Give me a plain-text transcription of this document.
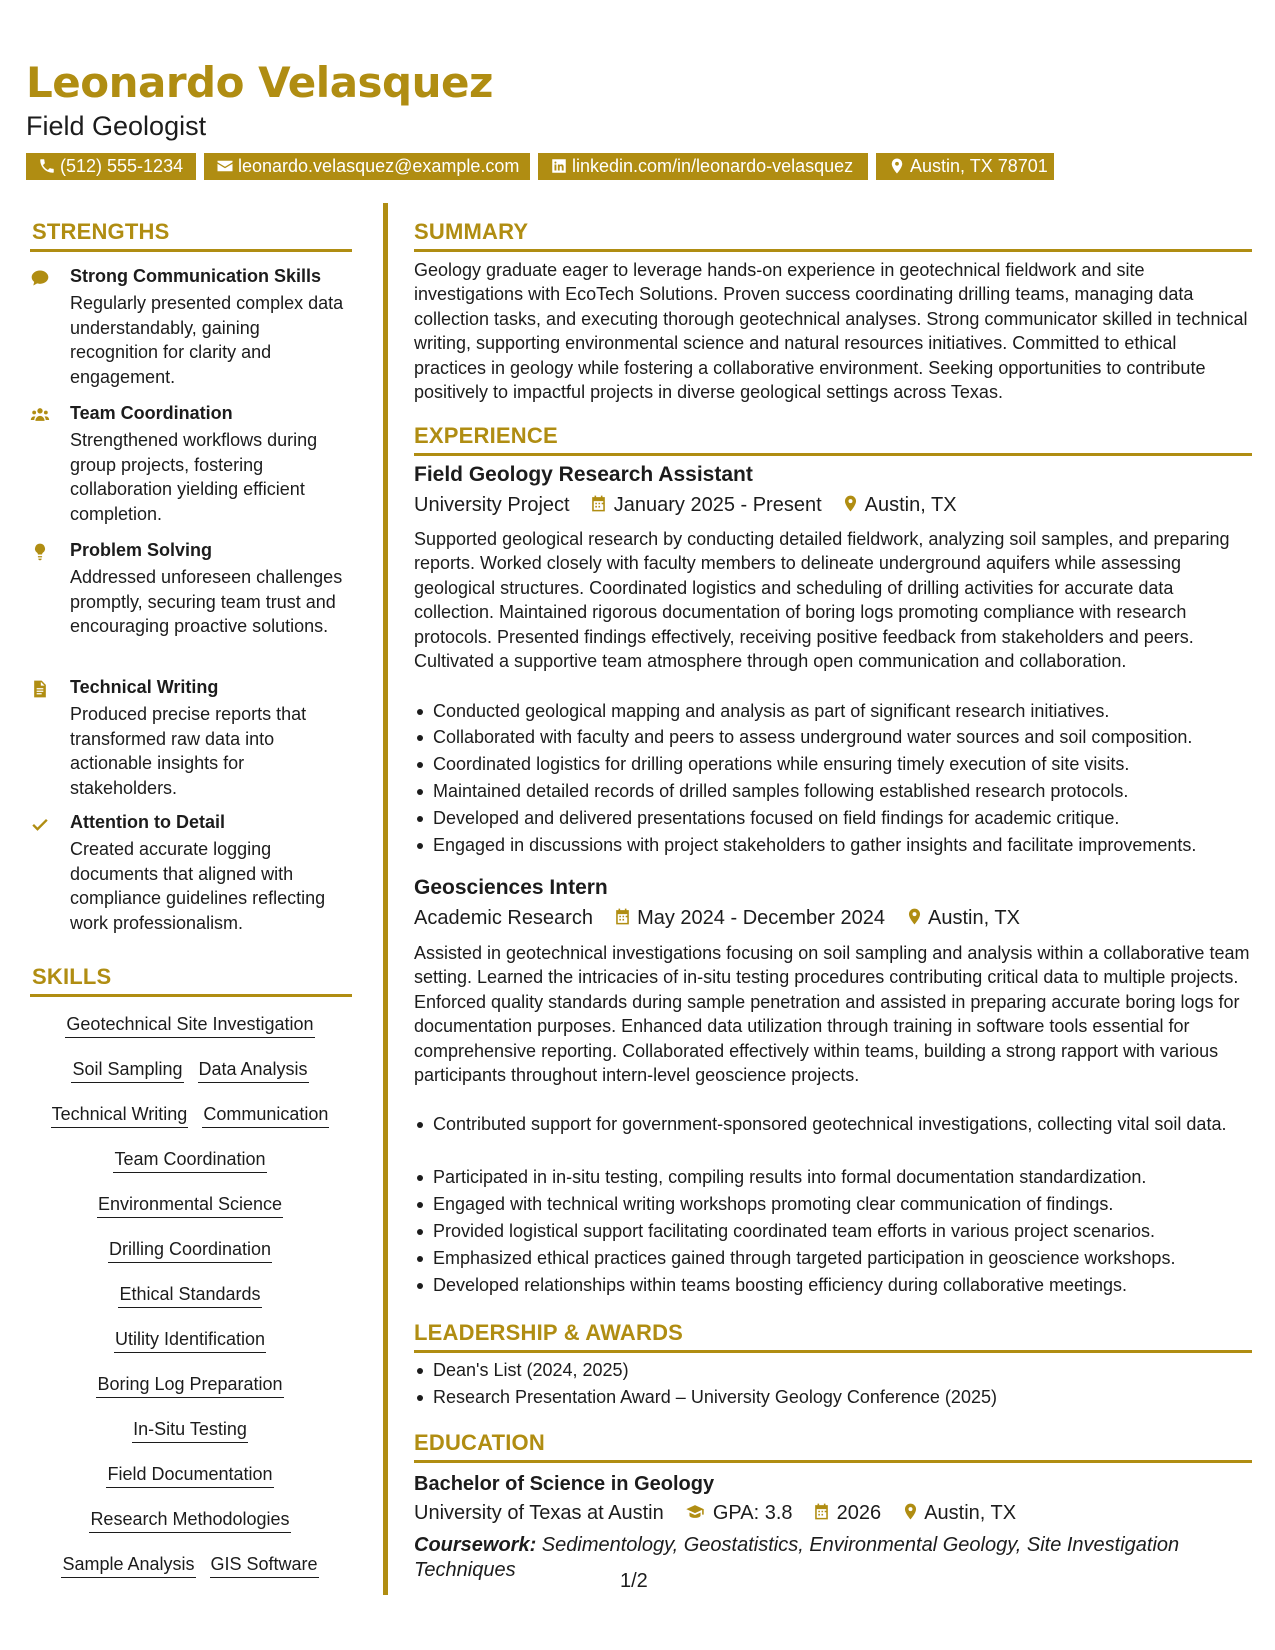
Leonardo Velasquez
Field Geologist
(512) 555-1234	leonardo.velasquez@example.com	linkedin.com/in/leonardo-velasquez	Austin, TX 78701
STRENGTHS
Strong Communication Skills
Regularly presented complex data understandably, gaining recognition for clarity and engagement.
Team Coordination
Strengthened workflows during group projects, fostering collaboration yielding efficient completion.
Problem Solving
Addressed unforeseen challenges promptly, securing team trust and encouraging proactive solutions.
Technical Writing
Produced precise reports that transformed raw data into actionable insights for stakeholders.
Attention to Detail
Created accurate logging documents that aligned with compliance guidelines reflecting work professionalism.
SKILLS
Geotechnical Site Investigation
Soil Sampling Data Analysis
Technical Writing Communication
Team Coordination
Environmental Science
Drilling Coordination
Ethical Standards
Utility Identification
Boring Log Preparation
In-Situ Testing
Field Documentation
Research Methodologies
Sample Analysis GIS Software
SUMMARY
Geology graduate eager to leverage hands-on experience in geotechnical fieldwork and site investigations with EcoTech Solutions. Proven success coordinating drilling teams, managing data collection tasks, and executing thorough geotechnical analyses. Strong communicator skilled in technical writing, supporting environmental science and natural resources initiatives. Committed to ethical practices in geology while fostering a collaborative environment. Seeking opportunities to contribute positively to impactful projects in diverse geological settings across Texas.
EXPERIENCE
Field Geology Research Assistant
University Project January 2025 - Present Austin, TX
Supported geological research by conducting detailed fieldwork, analyzing soil samples, and preparing reports. Worked closely with faculty members to delineate underground aquifers while assessing geological structures. Coordinated logistics and scheduling of drilling activities for accurate data collection. Maintained rigorous documentation of boring logs promoting compliance with research protocols. Presented findings effectively, receiving positive feedback from stakeholders and peers. Cultivated a supportive team atmosphere through open communication and collaboration.
Conducted geological mapping and analysis as part of significant research initiatives.
Collaborated with faculty and peers to assess underground water sources and soil composition.
Coordinated logistics for drilling operations while ensuring timely execution of site visits.
Maintained detailed records of drilled samples following established research protocols.
Developed and delivered presentations focused on field findings for academic critique.
Engaged in discussions with project stakeholders to gather insights and facilitate improvements.
Geosciences Intern
Academic Research May 2024 - December 2024 Austin, TX
Assisted in geotechnical investigations focusing on soil sampling and analysis within a collaborative team setting. Learned the intricacies of in-situ testing procedures contributing critical data to multiple projects. Enforced quality standards during sample penetration and assisted in preparing accurate boring logs for documentation purposes. Enhanced data utilization through training in software tools essential for comprehensive reporting. Collaborated effectively within teams, building a strong rapport with various participants throughout intern-level geoscience projects.
Contributed support for government-sponsored geotechnical investigations, collecting vital soil data.
Participated in in-situ testing, compiling results into formal documentation standardization.
Engaged with technical writing workshops promoting clear communication of findings.
Provided logistical support facilitating coordinated team efforts in various project scenarios.
Emphasized ethical practices gained through targeted participation in geoscience workshops.
Developed relationships within teams boosting efficiency during collaborative meetings.
LEADERSHIP & AWARDS
Dean's List (2024, 2025)
Research Presentation Award – University Geology Conference (2025)
EDUCATION
Bachelor of Science in Geology
University of Texas at Austin GPA: 3.8 2026 Austin, TX
Coursework: Sedimentology, Geostatistics, Environmental Geology, Site Investigation Techniques	1/2
